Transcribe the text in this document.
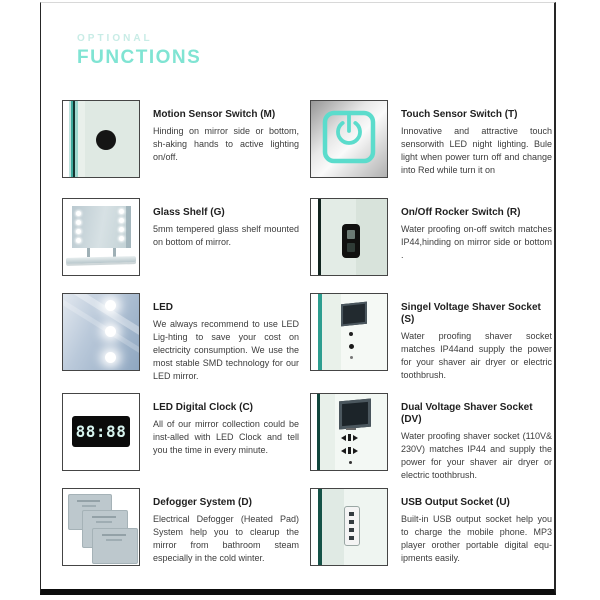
OPTIONAL
FUNCTIONS
Motion Sensor Switch (M)
Hinding on mirror side or bottom, sh-aking hands to active lighting on/off.
Touch Sensor Switch (T)
Innovative and attractive touch sensorwith LED night lighting. Bule light when power turn off and change into Red while turn it on
Glass Shelf (G)
5mm tempered glass shelf mounted on bottom of mirror.
On/Off Rocker Switch (R)
Water proofing on-off switch matches IP44,hinding on mirror side or bottom .
LED
We always recommend to use LED Lig-hting to save your cost on electricity consumption. We use the most stable SMD technology for our LED mirror.
Singel Voltage Shaver Socket (S)
Water proofing shaver socket matches IP44and supply the power for your shaver air dryer or electric toothbrush.
88:88
LED Digital Clock (C)
All of our mirror collection could be inst-alled with LED Clock and tell you the time in every minute.
Dual Voltage Shaver Socket (DV)
Water proofing shaver socket (110V& 230V) matches IP44 and supply the power for your shaver air dryer or electric toothbrush.
Defogger System (D)
Electrical Defogger (Heated Pad) System help you to clearup the mirror from bathroom steam especially in the cold winter.
USB Output Socket (U)
Built-in USB output socket help you to charge the mobile phone. MP3 player orother portable digital equ-ipments easily.
